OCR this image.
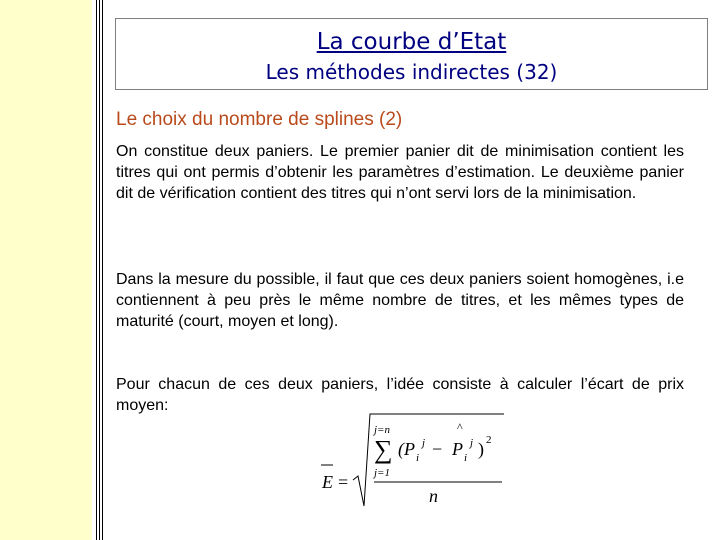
La courbe d’Etat
Les méthodes indirectes (32)
Le choix du nombre de splines (2)

On constitue deux paniers. Le premier panier dit de minimisation contient les titres qui ont permis d’obtenir les paramètres d’estimation. Le deuxième panier dit de vérification contient des titres qui n’ont servi lors de la minimisation.

Dans la mesure du possible, il faut que ces deux paniers soient homogènes, i.e contiennent à peu près le même nombre de titres, et les mêmes types de maturité (court, moyen et long).

Pour chacun de ces deux paniers, l’idée consiste à calculer l’écart de prix moyen:

E =
j=n
∑
j=1
(P i
j −
^
P i
j ) 2
n
